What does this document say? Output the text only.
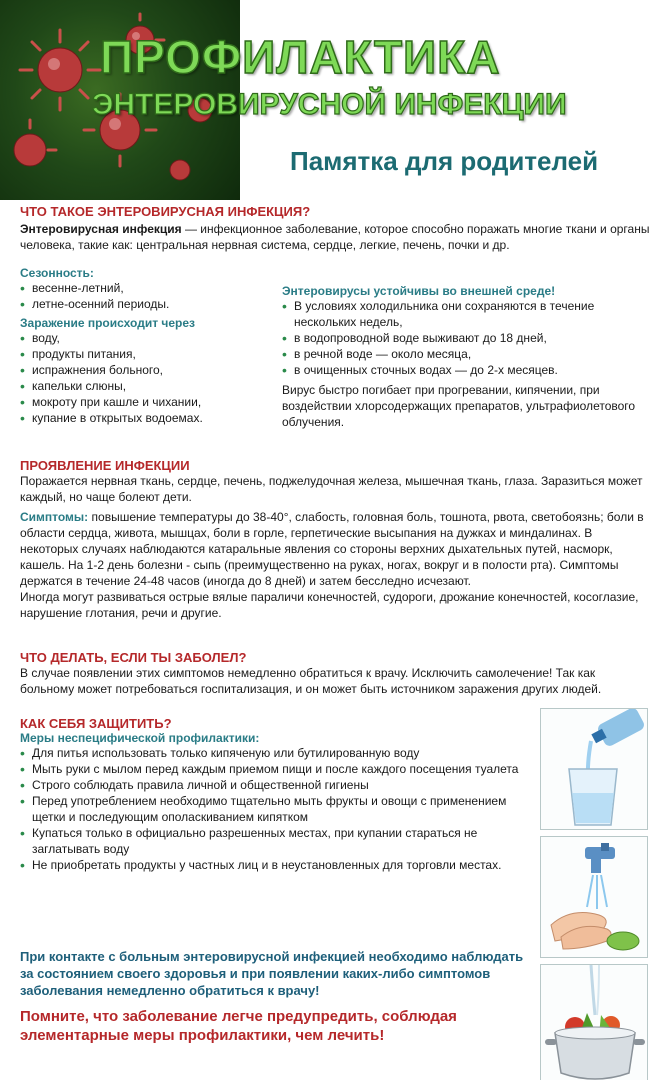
ПРОФИЛАКТИКА
ЭНТЕРОВИРУСНОЙ ИНФЕКЦИИ
Памятка для родителей
ЧТО ТАКОЕ ЭНТЕРОВИРУСНАЯ ИНФЕКЦИЯ?
Энтеровирусная инфекция — инфекционное заболевание, которое способно поражать многие ткани и органы человека, такие как: центральная нервная система, сердце, легкие, печень, почки и др.
Сезонность:
• весенне-летний,
• летне-осенний периоды.
Заражение происходит через
• воду,
• продукты питания,
• испражнения больного,
• капельки слюны,
• мокроту при кашле и чихании,
• купание в открытых водоемах.
Энтеровирусы устойчивы во внешней среде!
• В условиях холодильника они сохраняются в течение нескольких недель,
• в водопроводной воде выживают до 18 дней,
• в речной воде — около месяца,
• в очищенных сточных водах — до 2-х месяцев.
Вирус быстро погибает при прогревании, кипячении, при воздействии хлорсодержащих препаратов, ультрафиолетового облучения.
ПРОЯВЛЕНИЕ ИНФЕКЦИИ
Поражается нервная ткань, сердце, печень, поджелудочная железа, мышечная ткань, глаза. Заразиться может каждый, но чаще болеют дети.
Симптомы: повышение температуры до 38-40°, слабость, головная боль, тошнота, рвота, светобоязнь; боли в области сердца, живота, мышцах, боли в горле, герпетические высыпания на дужках и миндалинах. В некоторых случаях наблюдаются катаральные явления со стороны верхних дыхательных путей, насморк, кашель. На 1-2 день болезни - сыпь (преимущественно на руках, ногах, вокруг и в полости рта). Симптомы держатся в течение 24-48 часов (иногда до 8 дней) и затем бесследно исчезают.
Иногда могут развиваться острые вялые параличи конечностей, судороги, дрожание конечностей, косоглазие, нарушение глотания, речи и другие.
ЧТО ДЕЛАТЬ, ЕСЛИ ТЫ ЗАБОЛЕЛ?
В случае появлении этих симптомов немедленно обратиться к врачу. Исключить самолечение! Так как больному может потребоваться госпитализация, и он может быть источником заражения других людей.
КАК СЕБЯ ЗАЩИТИТЬ?
Меры неспецифической профилактики:
• Для питья использовать только кипяченую или бутилированную воду
• Мыть руки с мылом перед каждым приемом пищи и после каждого посещения туалета
• Строго соблюдать правила личной и общественной гигиены
• Перед употреблением необходимо тщательно мыть фрукты и овощи с применением щетки и последующим ополаскиванием кипятком
• Купаться только в официально разрешенных местах, при купании стараться не заглатывать воду
• Не приобретать продукты у частных лиц и в неустановленных для торговли местах.
При контакте с больным энтеровирусной инфекцией необходимо наблюдать за состоянием своего здоровья и при появлении каких-либо симптомов заболевания немедленно обратиться к врачу!
Помните, что заболевание легче предупредить, соблюдая элементарные меры профилактики, чем лечить!
